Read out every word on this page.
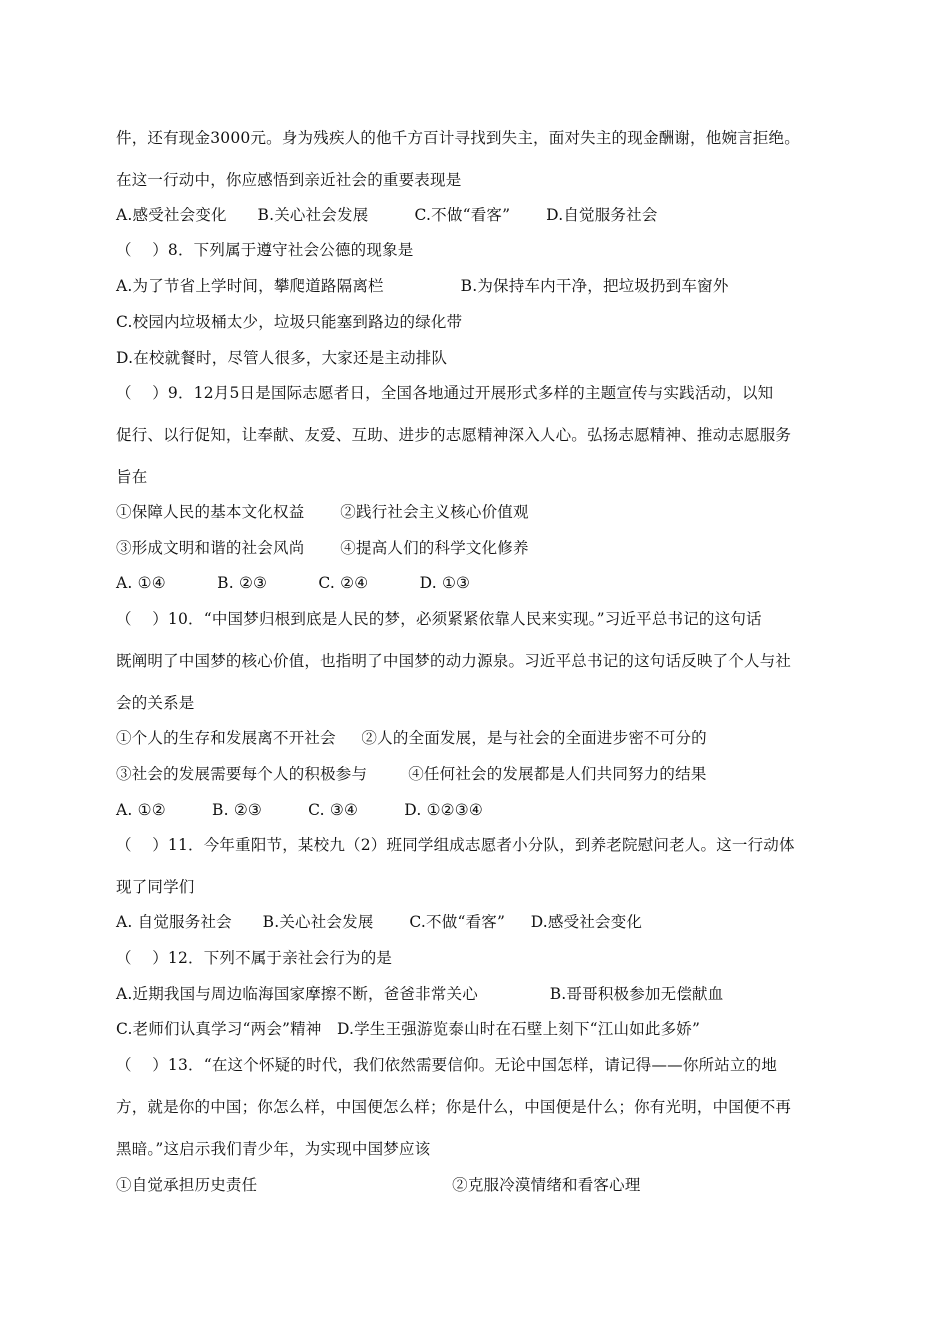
件，还有现金3000元。身为残疾人的他千方百计寻找到失主，面对失主的现金酬谢，他婉言拒绝。
在这一行动中，你应感悟到亲近社会的重要表现是
A.感受社会变化      B.关心社会发展         C.不做“看客”       D.自觉服务社会
（    ）8．下列属于遵守社会公德的现象是
A.为了节省上学时间，攀爬道路隔离栏               B.为保持车内干净，把垃圾扔到车窗外
C.校园内垃圾桶太少，垃圾只能塞到路边的绿化带
D.在校就餐时，尽管人很多，大家还是主动排队
（    ）9．12月5日是国际志愿者日，全国各地通过开展形式多样的主题宣传与实践活动，以知
促行、以行促知，让奉献、友爱、互助、进步的志愿精神深入人心。弘扬志愿精神、推动志愿服务
旨在
①保障人民的基本文化权益       ②践行社会主义核心价值观
③形成文明和谐的社会风尚       ④提高人们的科学文化修养
A. ①④          B. ②③          C. ②④          D. ①③
（    ）10．“中国梦归根到底是人民的梦，必须紧紧依靠人民来实现。”习近平总书记的这句话
既阐明了中国梦的核心价值，也指明了中国梦的动力源泉。习近平总书记的这句话反映了个人与社
会的关系是
①个人的生存和发展离不开社会     ②人的全面发展，是与社会的全面进步密不可分的
③社会的发展需要每个人的积极参与        ④任何社会的发展都是人们共同努力的结果
A. ①②         B. ②③         C. ③④         D. ①②③④
（    ）11．今年重阳节，某校九（2）班同学组成志愿者小分队，到养老院慰问老人。这一行动体
现了同学们
A. 自觉服务社会      B.关心社会发展       C.不做“看客”     D.感受社会变化
（    ）12．下列不属于亲社会行为的是
A.近期我国与周边临海国家摩擦不断，爸爸非常关心              B.哥哥积极参加无偿献血
C.老师们认真学习“两会”精神   D.学生王强游览泰山时在石壁上刻下“江山如此多娇”
（    ）13．“在这个怀疑的时代，我们依然需要信仰。无论中国怎样，请记得——你所站立的地
方，就是你的中国；你怎么样，中国便怎么样；你是什么，中国便是什么；你有光明，中国便不再
黑暗。”这启示我们青少年，为实现中国梦应该
①自觉承担历史责任                                      ②克服冷漠情绪和看客心理
